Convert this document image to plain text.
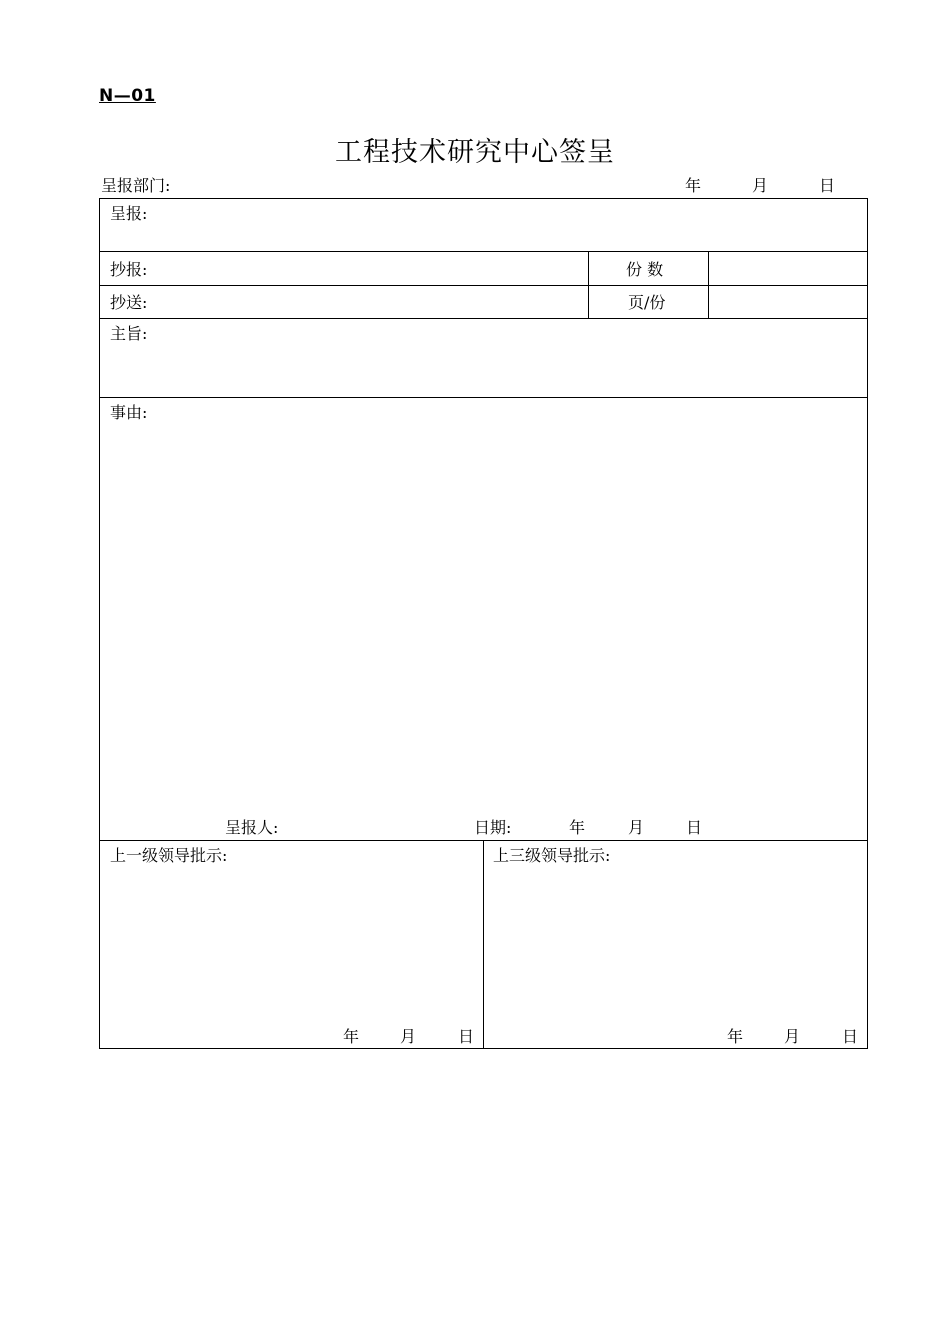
N—01
工程技术研究中心签呈
呈报部门:	年	月	日
呈报:
抄报:	份 数
抄送:	页/份
主旨:
事由:
呈报人:	日期:	年	月	日
上一级领导批示:
年	月	日
上三级领导批示:
年	月	日
